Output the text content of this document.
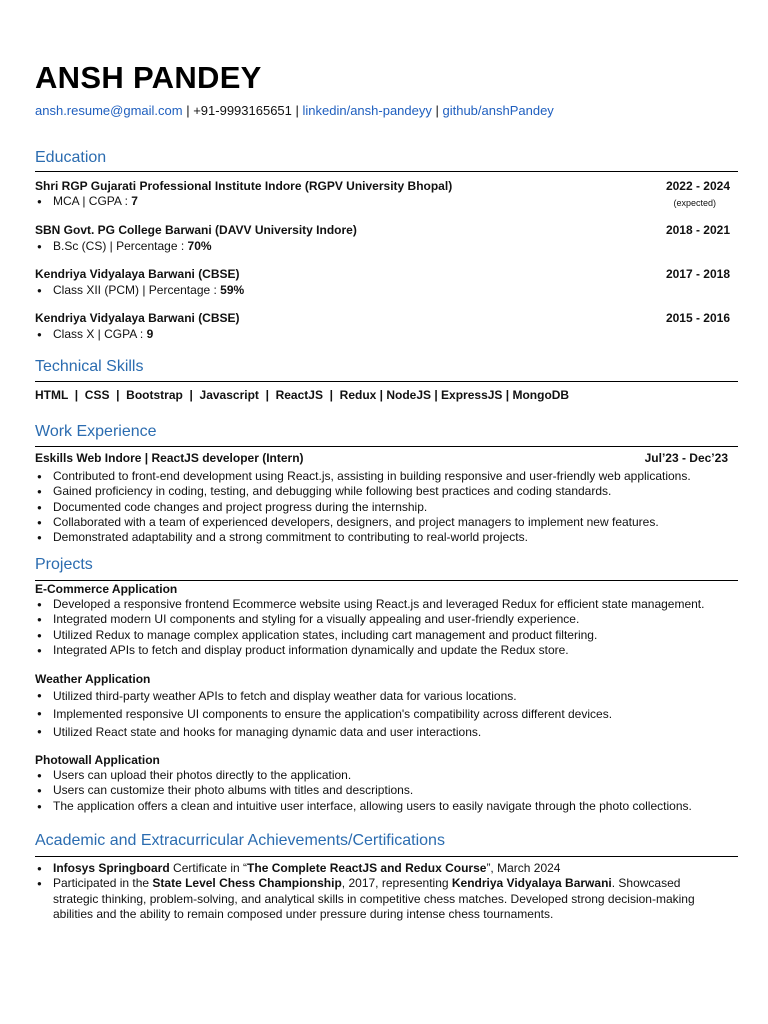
ANSH PANDEY
ansh.resume@gmail.com | +91-9993165651 | linkedin/ansh-pandeyy | github/anshPandey
Education
Shri RGP Gujarati Professional Institute Indore (RGPV University Bhopal)	2022 - 2024
● MCA | CGPA : 7	(expected)
SBN Govt. PG College Barwani (DAVV University Indore)	2018 - 2021
● B.Sc (CS) | Percentage : 70%
Kendriya Vidyalaya Barwani (CBSE)	2017 - 2018
● Class XII (PCM) | Percentage : 59%
Kendriya Vidyalaya Barwani (CBSE)	2015 - 2016
● Class X | CGPA : 9
Technical Skills
HTML  |  CSS  |  Bootstrap  |  Javascript  |  ReactJS  |  Redux | NodeJS | ExpressJS | MongoDB
Work Experience
Eskills Web Indore | ReactJS developer (Intern)	Jul’23 - Dec’23
● Contributed to front-end development using React.js, assisting in building responsive and user-friendly web applications.
● Gained proficiency in coding, testing, and debugging while following best practices and coding standards.
● Documented code changes and project progress during the internship.
● Collaborated with a team of experienced developers, designers, and project managers to implement new features.
● Demonstrated adaptability and a strong commitment to contributing to real-world projects.
Projects
E-Commerce Application
● Developed a responsive frontend Ecommerce website using React.js and leveraged Redux for efficient state management.
● Integrated modern UI components and styling for a visually appealing and user-friendly experience.
● Utilized Redux to manage complex application states, including cart management and product filtering.
● Integrated APIs to fetch and display product information dynamically and update the Redux store.
Weather Application
● Utilized third-party weather APIs to fetch and display weather data for various locations.
● Implemented responsive UI components to ensure the application's compatibility across different devices.
● Utilized React state and hooks for managing dynamic data and user interactions.
Photowall Application
● Users can upload their photos directly to the application.
● Users can customize their photo albums with titles and descriptions.
● The application offers a clean and intuitive user interface, allowing users to easily navigate through the photo collections.
Academic and Extracurricular Achievements/Certifications
● Infosys Springboard Certificate in “The Complete ReactJS and Redux Course”, March 2024
● Participated in the State Level Chess Championship, 2017, representing Kendriya Vidyalaya Barwani. Showcased
strategic thinking, problem-solving, and analytical skills in competitive chess matches. Developed strong decision-making
abilities and the ability to remain composed under pressure during intense chess tournaments.
